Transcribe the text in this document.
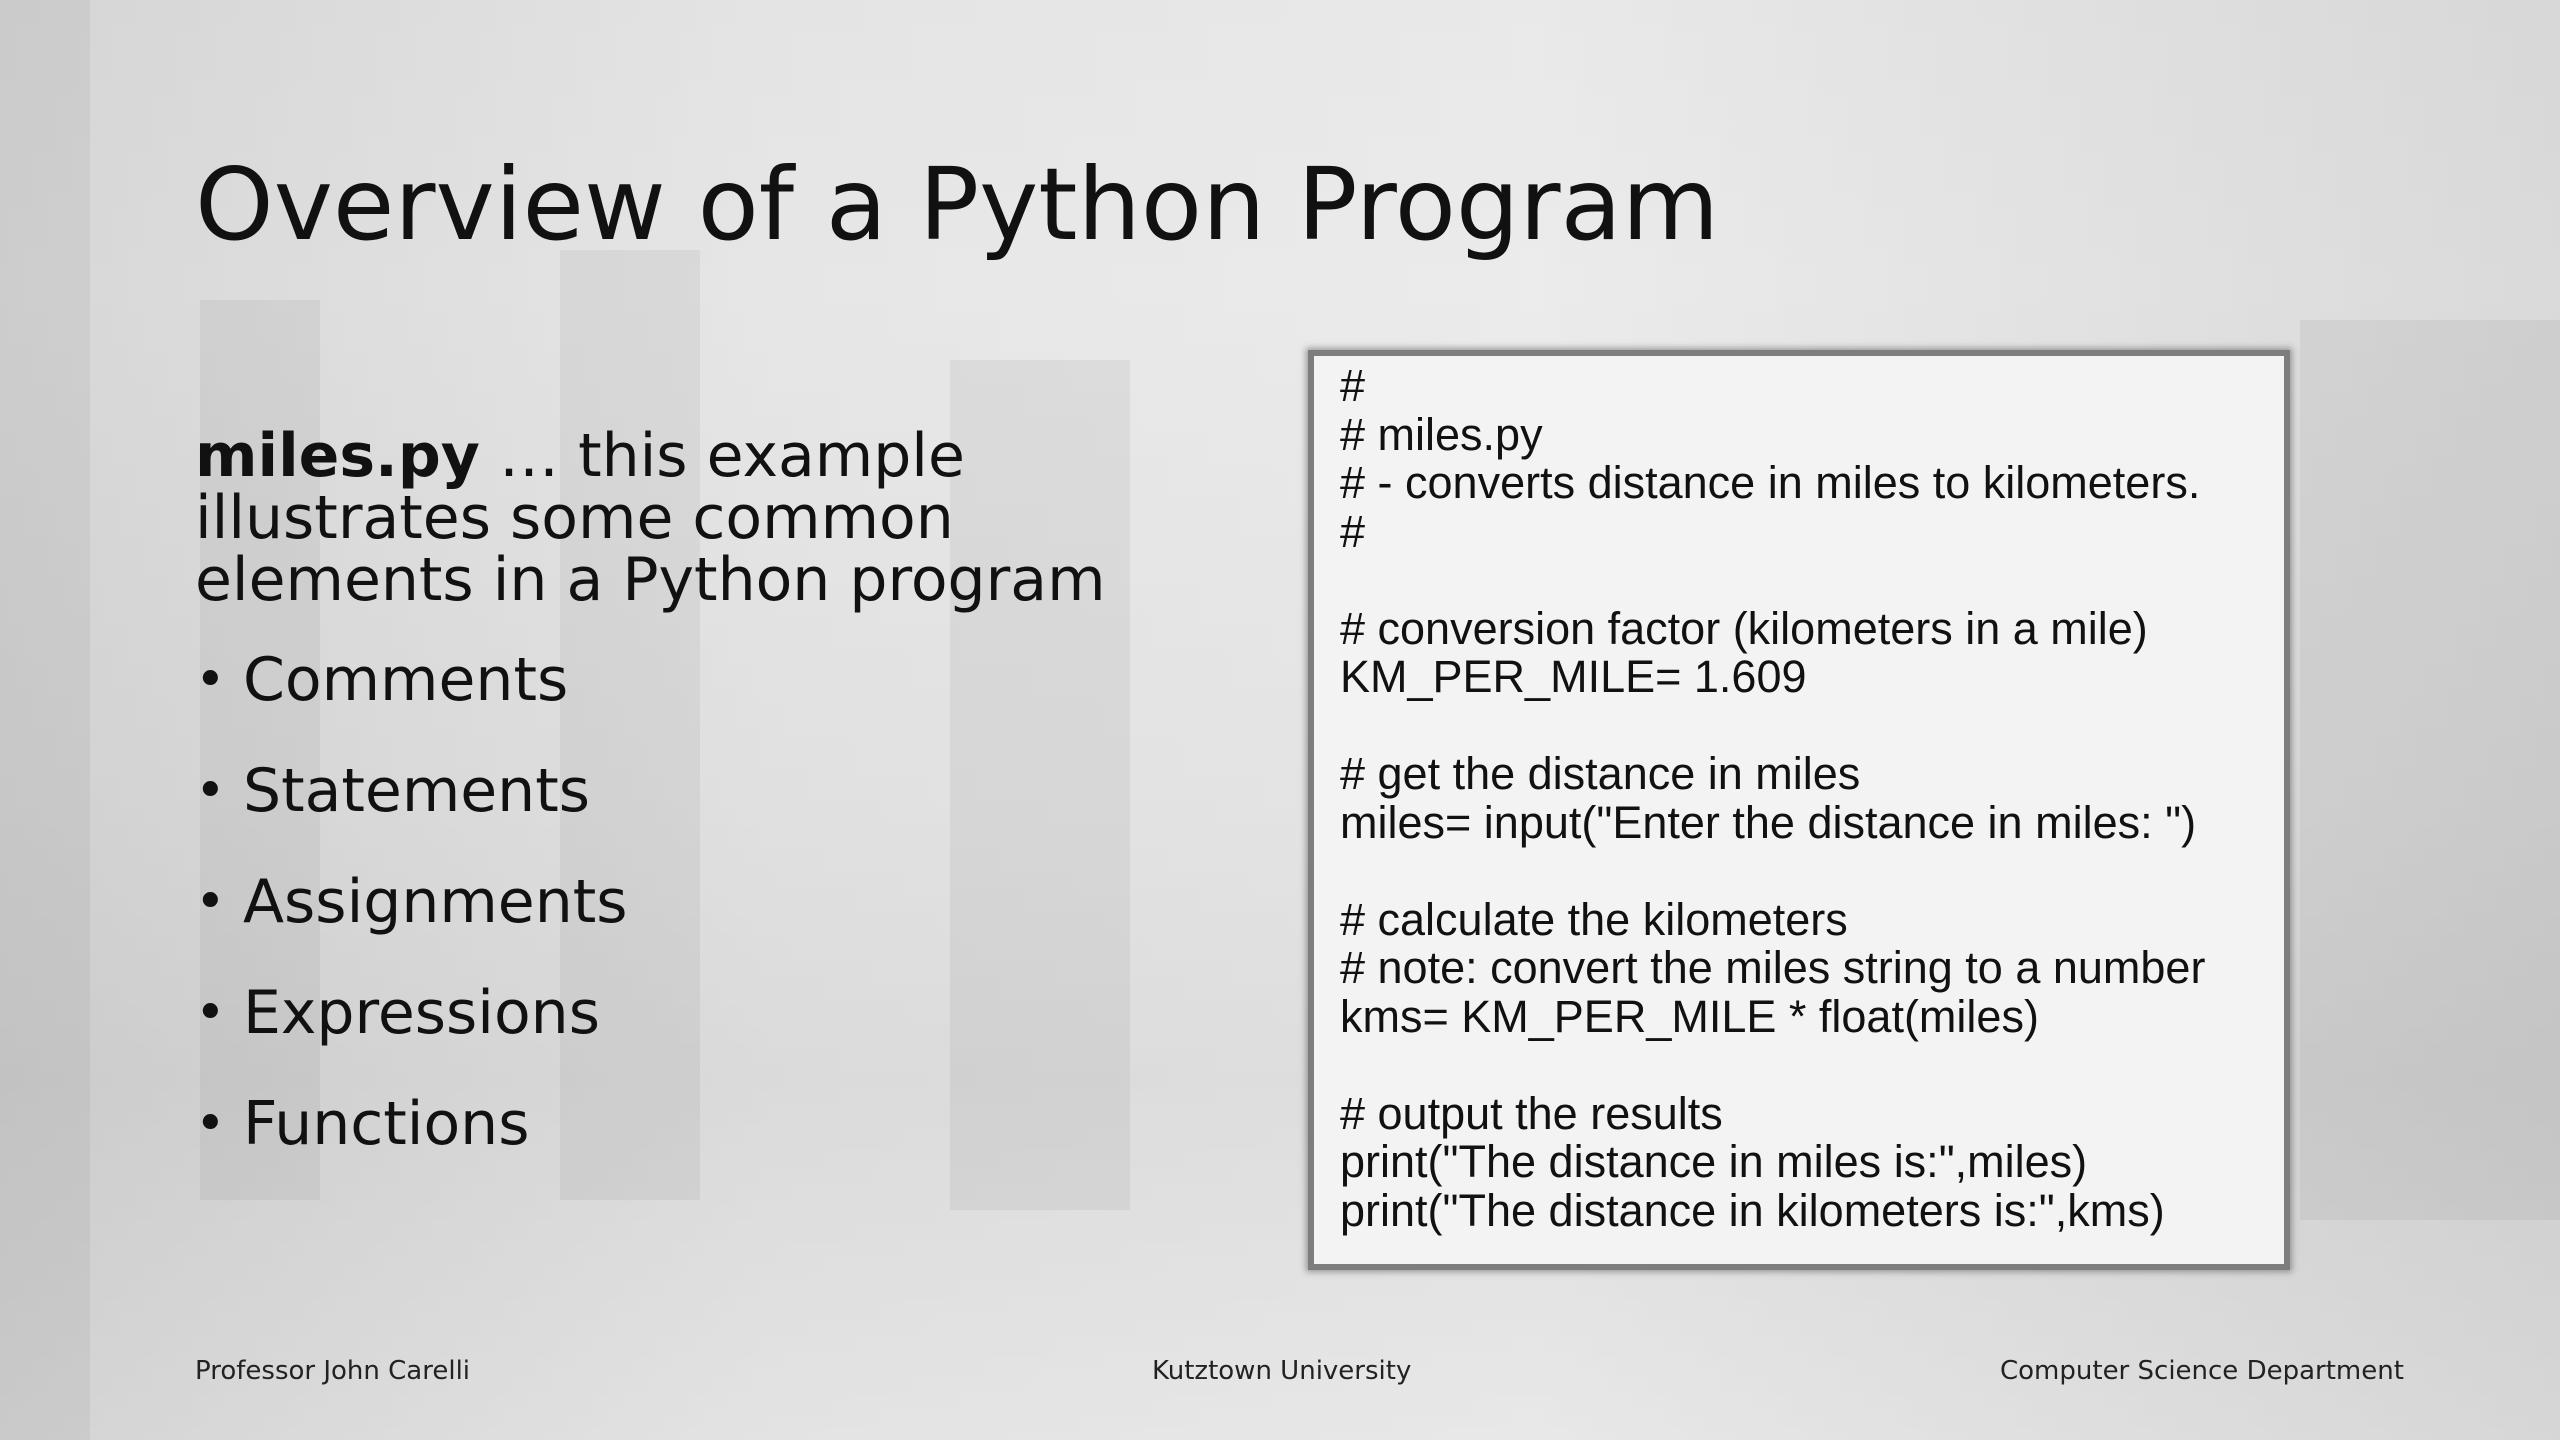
Overview of a Python Program
miles.py … this example illustrates some common elements in a Python program
• Comments
• Statements
• Assignments
• Expressions
• Functions
#
# miles.py
# - converts distance in miles to kilometers.
#
# conversion factor (kilometers in a mile)
KM_PER_MILE= 1.609
# get the distance in miles
miles= input("Enter the distance in miles: ")
# calculate the kilometers
# note: convert the miles string to a number
kms= KM_PER_MILE * float(miles)
# output the results
print("The distance in miles is:",miles)
print("The distance in kilometers is:",kms)
Professor John Carelli	Kutztown University	Computer Science Department
